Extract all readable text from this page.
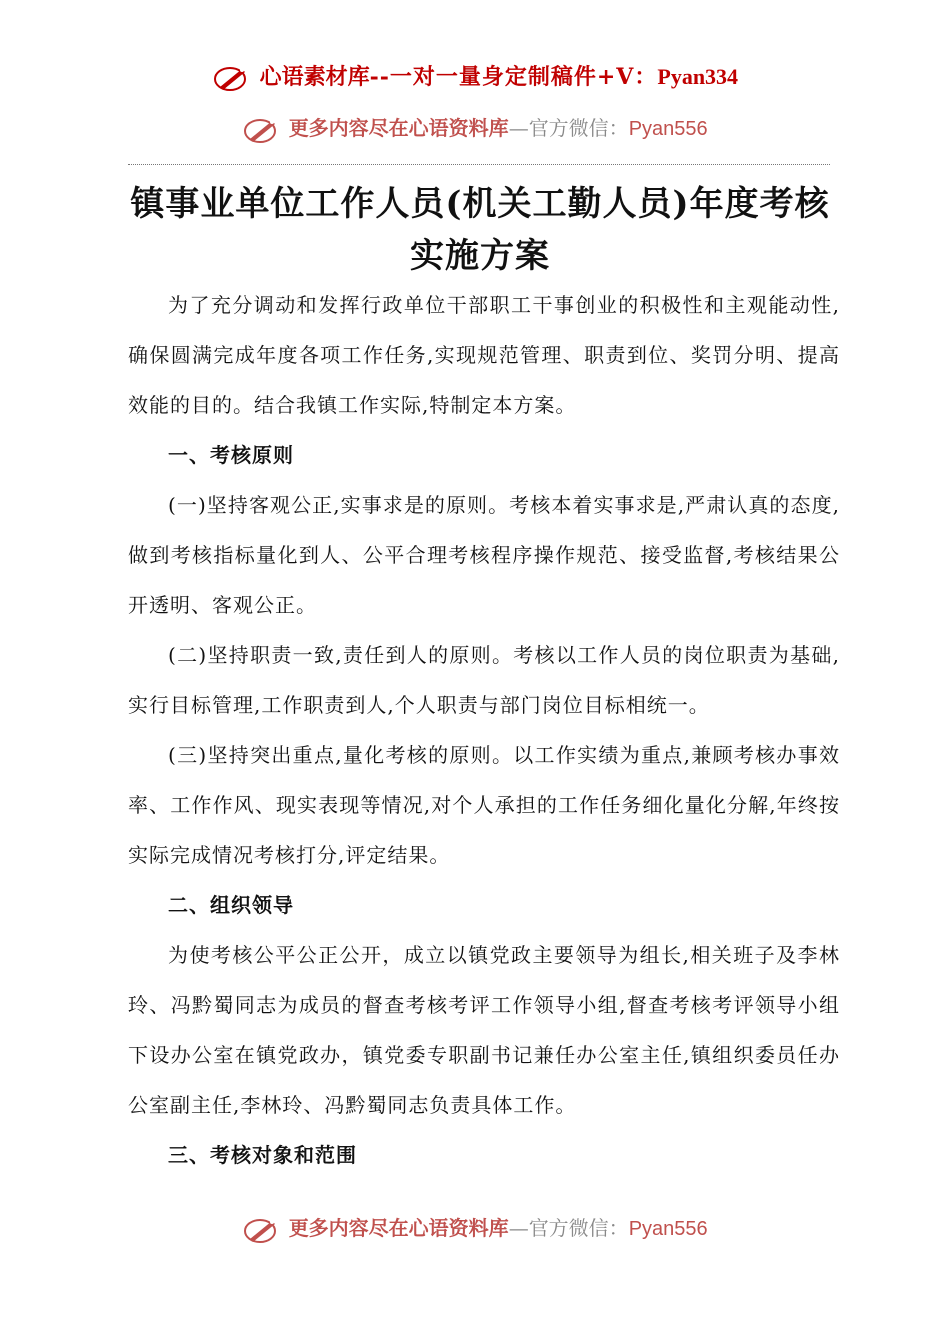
心语素材库--一对一量身定制稿件+V：Pyan334
更多内容尽在心语资料库—官方微信：Pyan556
镇事业单位工作人员(机关工勤人员)年度考核
实施方案

为了充分调动和发挥行政单位干部职工干事创业的积极性和主观能动性,确保圆满完成年度各项工作任务,实现规范管理、职责到位、奖罚分明、提高效能的目的。结合我镇工作实际,特制定本方案。

一、考核原则

(一)坚持客观公正,实事求是的原则。考核本着实事求是,严肃认真的态度,做到考核指标量化到人、公平合理考核程序操作规范、接受监督,考核结果公开透明、客观公正。

(二)坚持职责一致,责任到人的原则。考核以工作人员的岗位职责为基础,实行目标管理,工作职责到人,个人职责与部门岗位目标相统一。

(三)坚持突出重点,量化考核的原则。以工作实绩为重点,兼顾考核办事效率、工作作风、现实表现等情况,对个人承担的工作任务细化量化分解,年终按实际完成情况考核打分,评定结果。

二、组织领导

为使考核公平公正公开，成立以镇党政主要领导为组长,相关班子及李林玲、冯黔蜀同志为成员的督查考核考评工作领导小组,督查考核考评领导小组下设办公室在镇党政办，镇党委专职副书记兼任办公室主任,镇组织委员任办公室副主任,李林玲、冯黔蜀同志负责具体工作。

三、考核对象和范围

更多内容尽在心语资料库—官方微信：Pyan556
